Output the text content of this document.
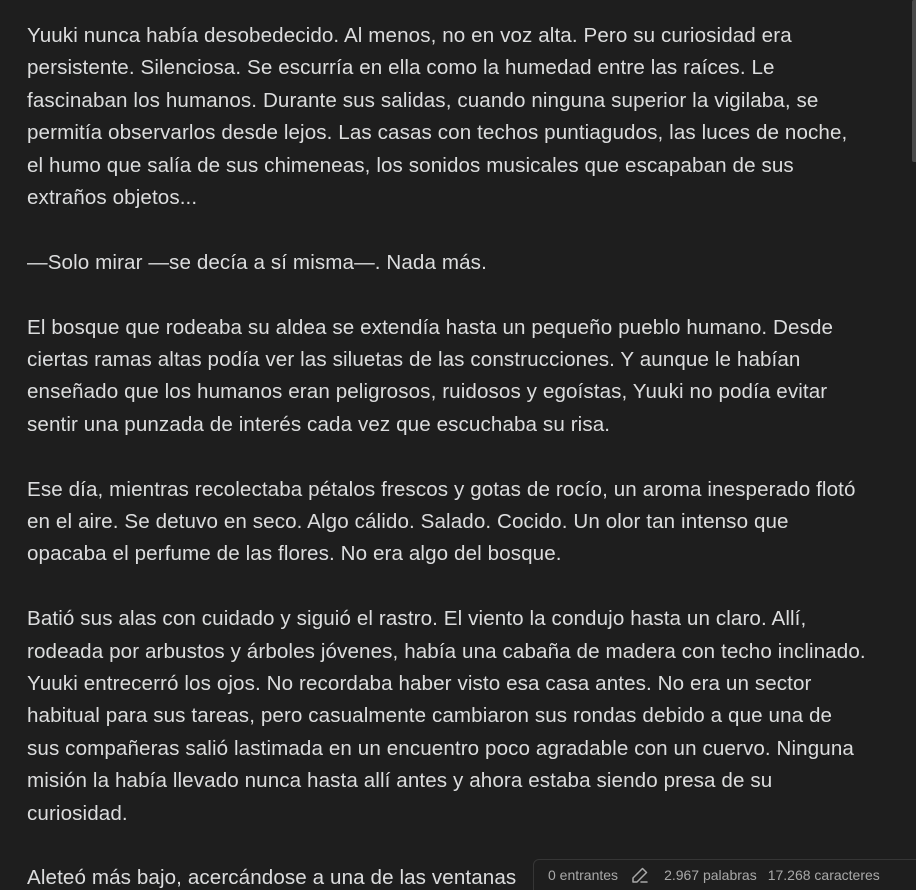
Yuuki nunca había desobedecido. Al menos, no en voz alta. Pero su curiosidad era persistente. Silenciosa. Se escurría en ella como la humedad entre las raíces. Le fascinaban los humanos. Durante sus salidas, cuando ninguna superior la vigilaba, se permitía observarlos desde lejos. Las casas con techos puntiagudos, las luces de noche, el humo que salía de sus chimeneas, los sonidos musicales que escapaban de sus extraños objetos...

—Solo mirar —se decía a sí misma—. Nada más.

El bosque que rodeaba su aldea se extendía hasta un pequeño pueblo humano. Desde ciertas ramas altas podía ver las siluetas de las construcciones. Y aunque le habían enseñado que los humanos eran peligrosos, ruidosos y egoístas, Yuuki no podía evitar sentir una punzada de interés cada vez que escuchaba su risa.

Ese día, mientras recolectaba pétalos frescos y gotas de rocío, un aroma inesperado flotó en el aire. Se detuvo en seco. Algo cálido. Salado. Cocido. Un olor tan intenso que opacaba el perfume de las flores. No era algo del bosque.

Batió sus alas con cuidado y siguió el rastro. El viento la condujo hasta un claro. Allí, rodeada por arbustos y árboles jóvenes, había una cabaña de madera con techo inclinado. Yuuki entrecerró los ojos. No recordaba haber visto esa casa antes. No era un sector habitual para sus tareas, pero casualmente cambiaron sus rondas debido a que una de sus compañeras salió lastimada en un encuentro poco agradable con un cuervo. Ninguna misión la había llevado nunca hasta allí antes y ahora estaba siendo presa de su curiosidad.

Aleteó más bajo, acercándose a una de las ventanas	0 entrantes	2.967 palabras 17.268 caracteres
